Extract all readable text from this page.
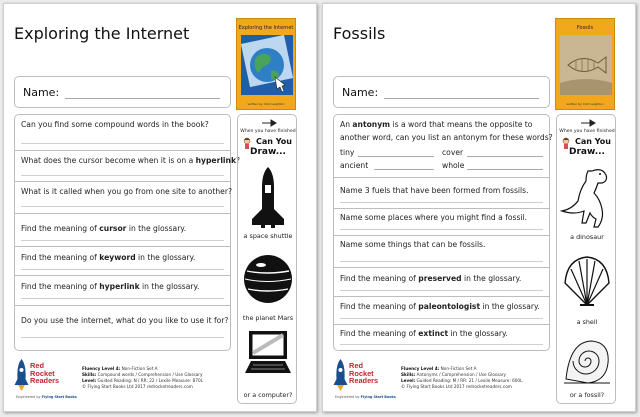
Exploring the Internet	Exploring the Internet
written by Clint Leighton
Name:
Can you find some compound words in the book?
What does the cursor become when it is on a hyperlink?
What is it called when you go from one site to another?
Find the meaning of cursor in the glossary.
Find the meaning of keyword in the glossary.
Find the meaning of hyperlink in the glossary.
Do you use the internet, what do you like to use it for?
When you have finished
Can You
Draw...
a space shuttle
the planet Mars
or a computer?
Red
Rocket
Readers
Engineered by Flying Start Books
Fluency Level 4: Non-Fiction Set A
Skills: Compound words / Comprehension / Use Glossary
Level: Guided Reading: N / RR: 22 / Lexile Measure: 870L
© Flying Start Books Ltd 2017 redrocketreaders.com
Fossils	Fossils
written by Clint Leighton
Name:
An antonym is a word that means the opposite to
another word, can you list an antonym for these words?
tiny	cover
ancient	whole
Name 3 fuels that have been formed from fossils.
Name some places where you might find a fossil.
Name some things that can be fossils.
Find the meaning of preserved in the glossary.
Find the meaning of paleontologist in the glossary.
Find the meaning of extinct in the glossary.
When you have finished
Can You
Draw...
a dinosaur
a shell
or a fossil?
Red
Rocket
Readers
Engineered by Flying Start Books
Fluency Level 4: Non-Fiction Set A
Skills: Antonyms / Comprehension / Use Glossary
Level: Guided Reading: M / RR: 21 / Lexile Measure: 600L
© Flying Start Books Ltd 2017 redrocketreaders.com
